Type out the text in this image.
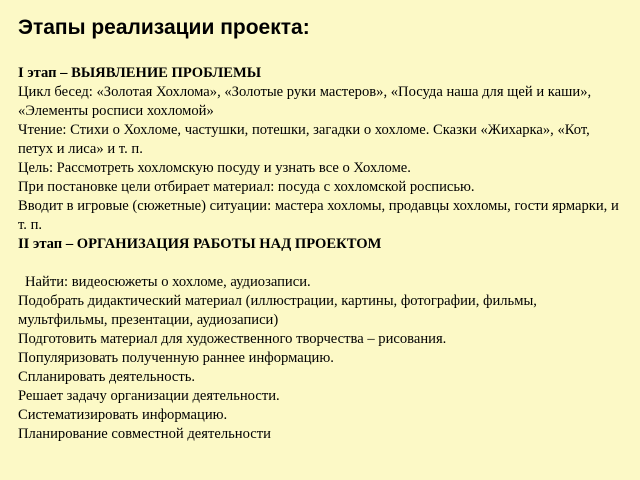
Этапы реализации проекта:
I этап – ВЫЯВЛЕНИЕ ПРОБЛЕМЫ
Цикл бесед: «Золотая Хохлома», «Золотые руки мастеров», «Посуда наша для щей и каши», «Элементы росписи хохломой»
Чтение: Стихи о Хохломе, частушки, потешки, загадки о хохломе. Сказки «Жихарка», «Кот, петух и лиса» и т. п.
Цель: Рассмотреть хохломскую посуду и узнать все о Хохломе.
При постановке цели отбирает материал: посуда с хохломской росписью.
Вводит в игровые (сюжетные) ситуации: мастера хохломы, продавцы хохломы, гости ярмарки, и т. п.
II этап – ОРГАНИЗАЦИЯ РАБОТЫ НАД ПРОЕКТОМ
Найти: видеосюжеты о хохломе, аудиозаписи.
Подобрать дидактический материал (иллюстрации, картины, фотографии, фильмы, мультфильмы, презентации, аудиозаписи)
Подготовить материал для художественного творчества – рисования.
Популяризовать полученную раннее информацию.
Спланировать деятельность.
Решает задачу организации деятельности.
Систематизировать информацию.
Планирование совместной деятельности
